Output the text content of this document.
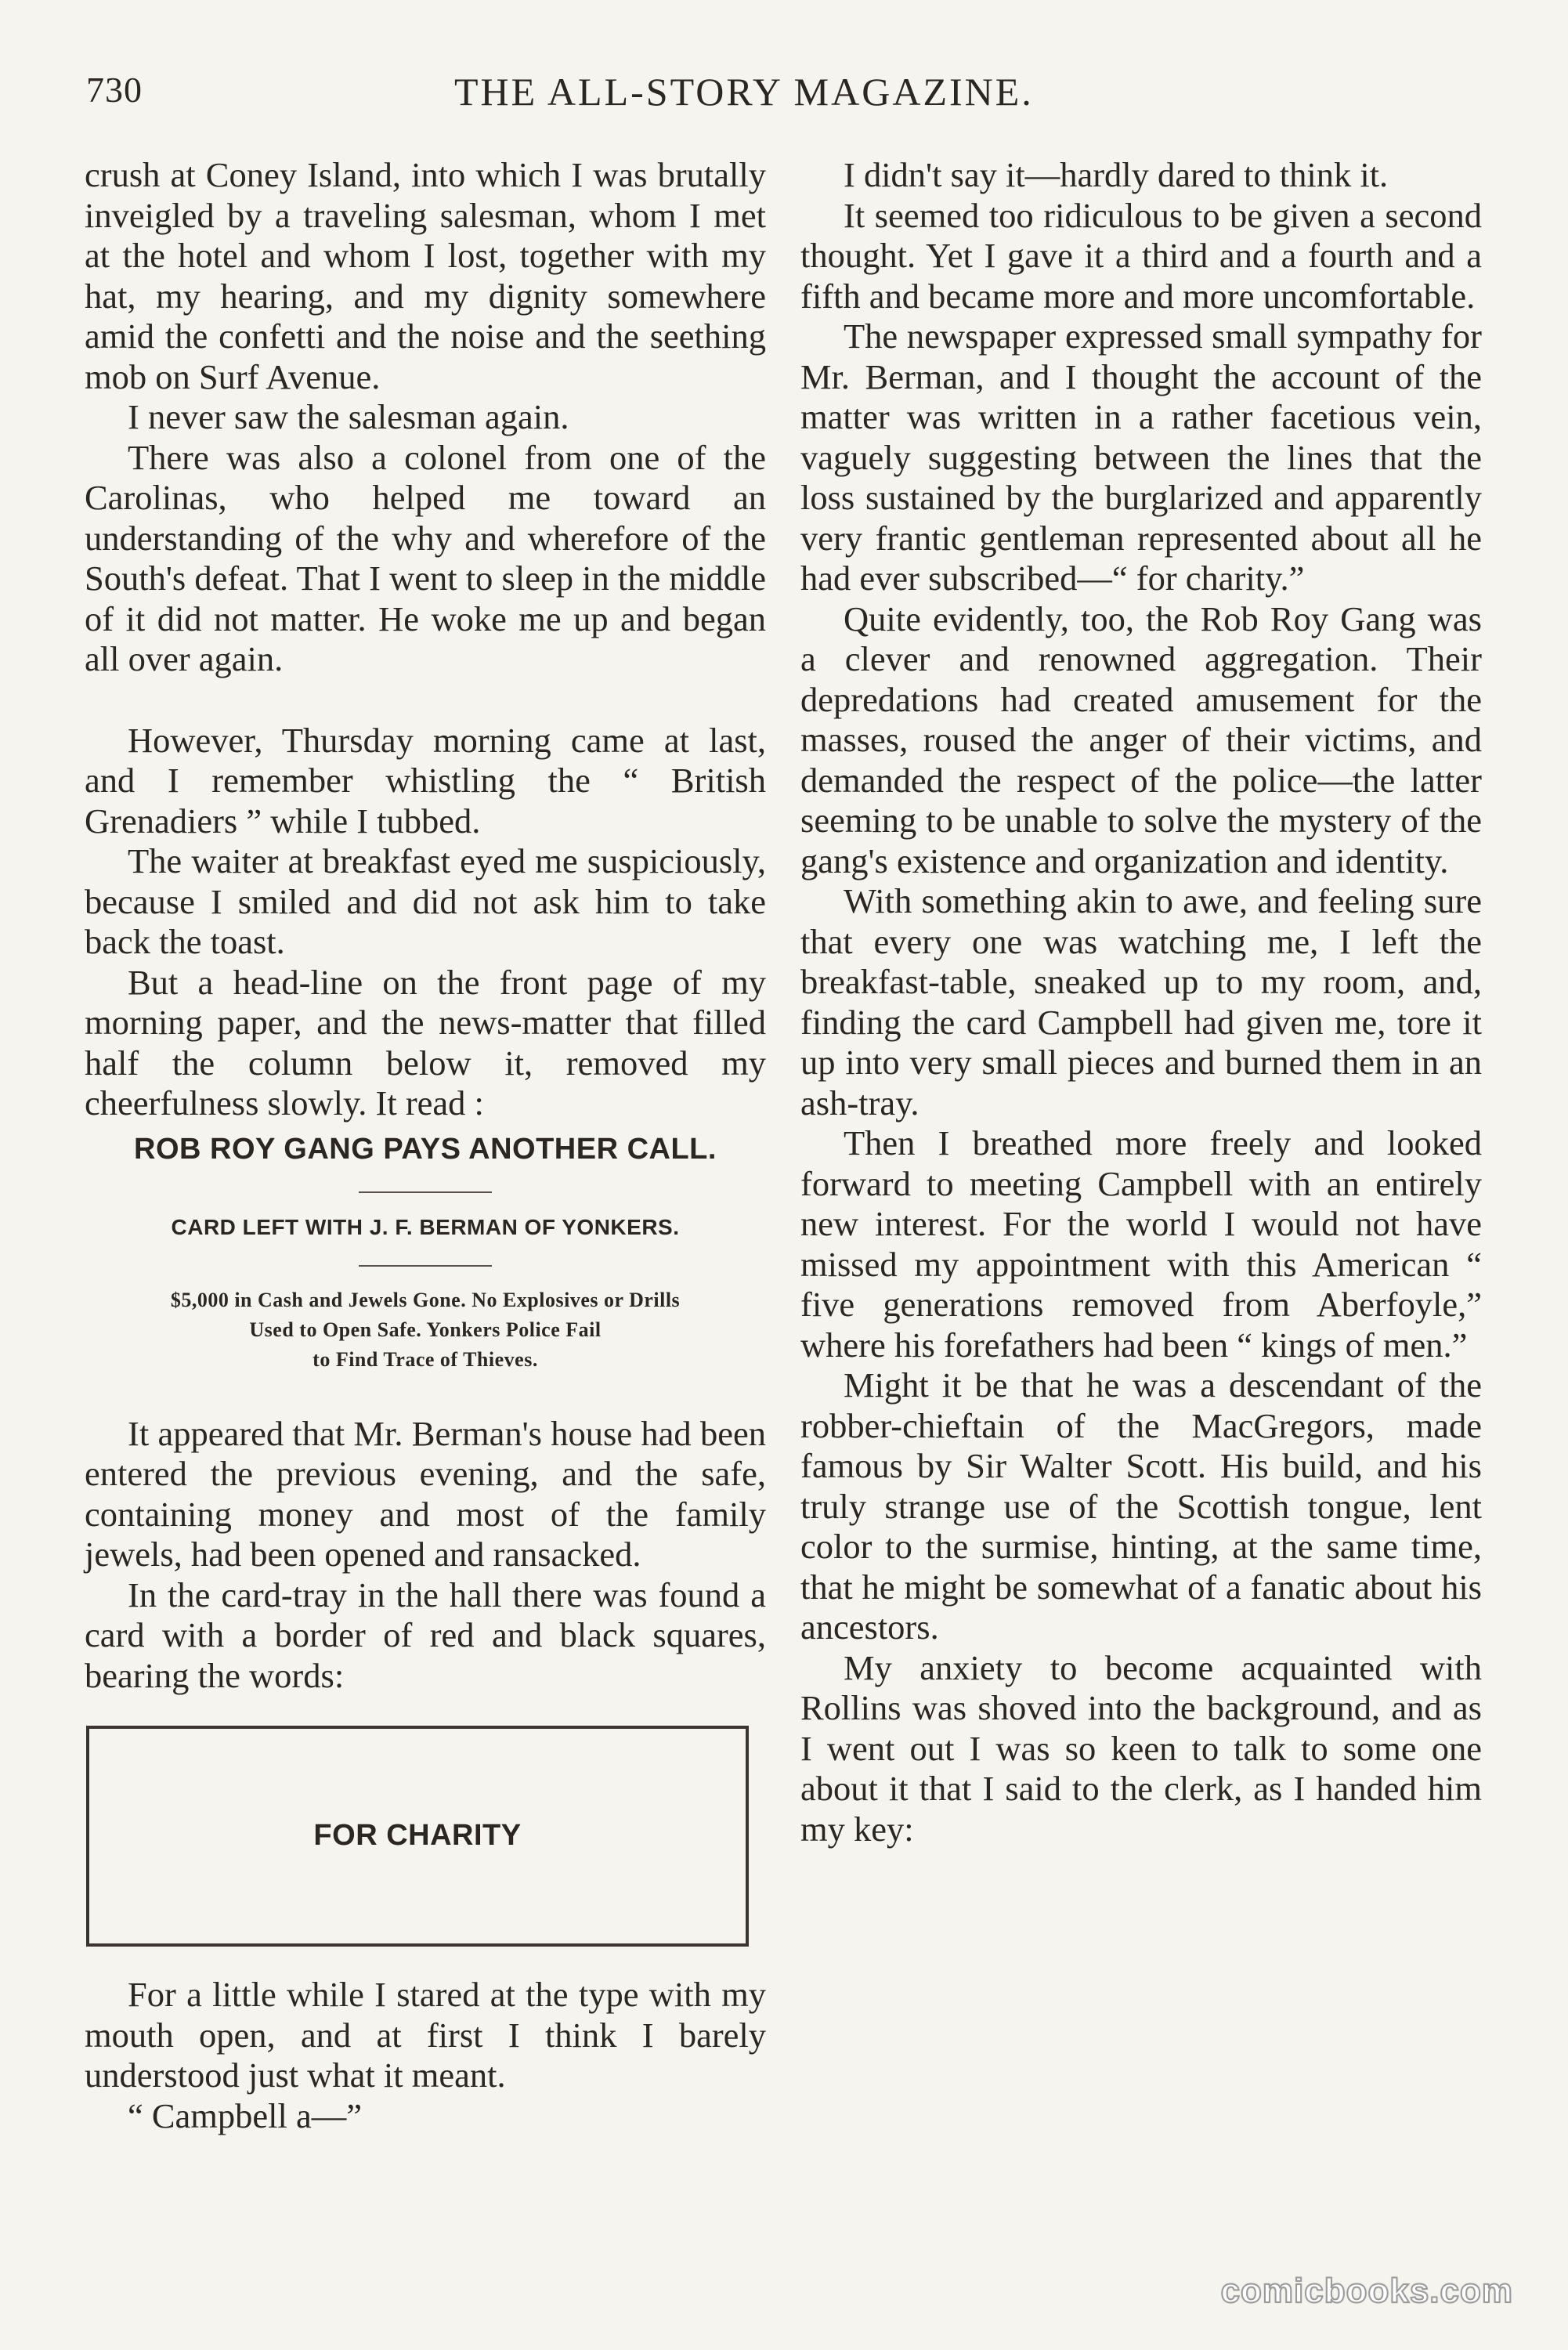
730	THE ALL-STORY MAGAZINE.

crush at Coney Island, into which I was brutally inveigled by a traveling salesman, whom I met at the hotel and whom I lost, together with my hat, my hearing, and my dignity somewhere amid the confetti and the noise and the seething mob on Surf Avenue.

I never saw the salesman again.

There was also a colonel from one of the Carolinas, who helped me toward an understanding of the why and wherefore of the South's defeat. That I went to sleep in the middle of it did not matter. He woke me up and began all over again.

However, Thursday morning came at last, and I remember whistling the “ British Grenadiers ” while I tubbed.

The waiter at breakfast eyed me suspiciously, because I smiled and did not ask him to take back the toast.

But a head-line on the front page of my morning paper, and the news-matter that filled half the column below it, removed my cheerfulness slowly. It read :

ROB ROY GANG PAYS ANOTHER CALL.
CARD LEFT WITH J. F. BERMAN OF YONKERS.
$5,000 in Cash and Jewels Gone. No Explosives or Drills
Used to Open Safe. Yonkers Police Fail
to Find Trace of Thieves.

It appeared that Mr. Berman's house had been entered the previous evening, and the safe, containing money and most of the family jewels, had been opened and ransacked.

In the card-tray in the hall there was found a card with a border of red and black squares, bearing the words:

FOR CHARITY

For a little while I stared at the type with my mouth open, and at first I think I barely understood just what it meant.

“ Campbell a—”

I didn't say it—hardly dared to think it.

It seemed too ridiculous to be given a second thought. Yet I gave it a third and a fourth and a fifth and became more and more uncomfortable.

The newspaper expressed small sympathy for Mr. Berman, and I thought the account of the matter was written in a rather facetious vein, vaguely suggesting between the lines that the loss sustained by the burglarized and apparently very frantic gentleman represented about all he had ever subscribed—“ for charity.”

Quite evidently, too, the Rob Roy Gang was a clever and renowned aggregation. Their depredations had created amusement for the masses, roused the anger of their victims, and demanded the respect of the police—the latter seeming to be unable to solve the mystery of the gang's existence and organization and identity.

With something akin to awe, and feeling sure that every one was watching me, I left the breakfast-table, sneaked up to my room, and, finding the card Campbell had given me, tore it up into very small pieces and burned them in an ash-tray.

Then I breathed more freely and looked forward to meeting Campbell with an entirely new interest. For the world I would not have missed my appointment with this American “ five generations removed from Aberfoyle,” where his forefathers had been “ kings of men.”

Might it be that he was a descendant of the robber-chieftain of the MacGregors, made famous by Sir Walter Scott. His build, and his truly strange use of the Scottish tongue, lent color to the surmise, hinting, at the same time, that he might be somewhat of a fanatic about his ancestors.

My anxiety to become acquainted with Rollins was shoved into the background, and as I went out I was so keen to talk to some one about it that I said to the clerk, as I handed him my key:

comicbooks.com
